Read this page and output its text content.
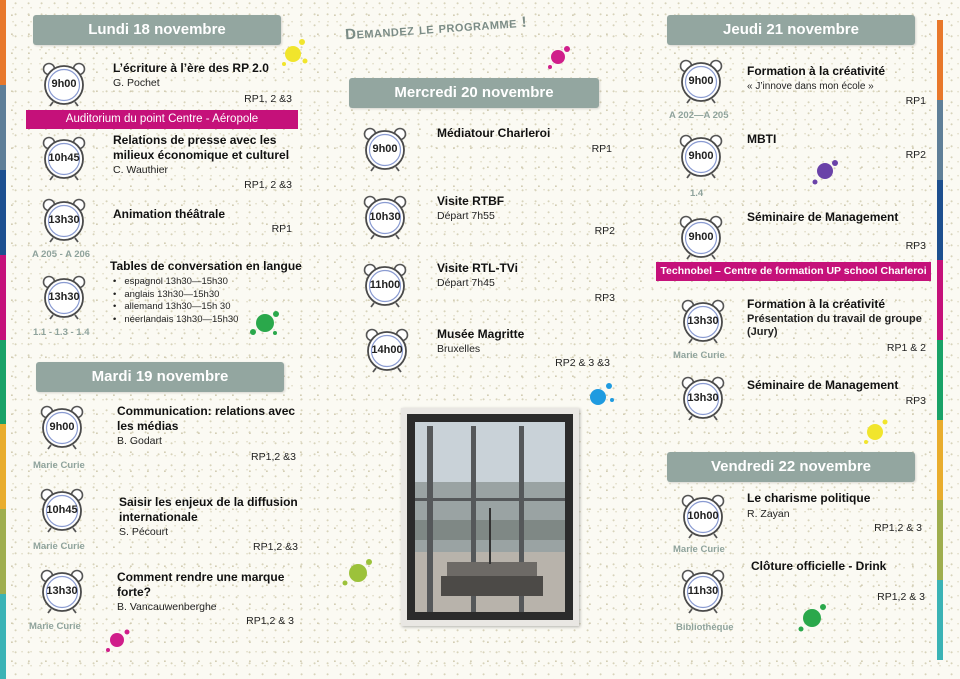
Demandez le programme !
Lundi 18 novembre
9h00
L’écriture à l’ère des RP 2.0
G. Pochet
RP1, 2 &3
Auditorium du point Centre - Aéropole
10h45
Relations de presse avec les milieux économique et culturel
C. Wauthier
RP1, 2 &3
13h30	Animation théâtrale
RP1
A 205 - A 206
13h30
Tables de conversation en langue
• espagnol 13h30—15h30
• anglais 13h30—15h30
• allemand 13h30—15h 30
• néerlandais 13h30—15h30
1.1 - 1.3 - 1.4
Mardi 19 novembre
9h00
Communication: relations avec les médias
B. Godart
RP1,2 &3
Marie Curie
10h45
Saisir les enjeux de la diffusion internationale
S. Pécourt
RP1,2 &3
Marie Curie
13h30
Comment rendre une marque forte?
B. Vancauwenberghe
RP1,2 & 3
Marie Curie
Mercredi 20 novembre
9h00
Médiatour Charleroi
RP1
10h30
Visite RTBF
Départ 7h55
RP2
11h00
Visite RTL-TVi
Départ 7h45
RP3
14h00
Musée Magritte
Bruxelles
RP2 & 3 &3
Jeudi 21 novembre
9h00
Formation à la créativité
« J’innove dans mon école »
RP1
A 202—A 205
9h00
MBTI
RP2
1.4
9h00
Séminaire de Management
RP3
Technobel – Centre de formation UP school Charleroi
13h30
Formation à la créativité
Présentation du travail de groupe (Jury)
RP1 & 2
Marie Curie
13h30
Séminaire de Management
RP3
Vendredi 22 novembre
10h00
Le charisme politique
R. Zayan
RP1,2 & 3
Marie Curie
11h30
Clôture officielle - Drink
RP1,2 & 3
Bibliothèque
